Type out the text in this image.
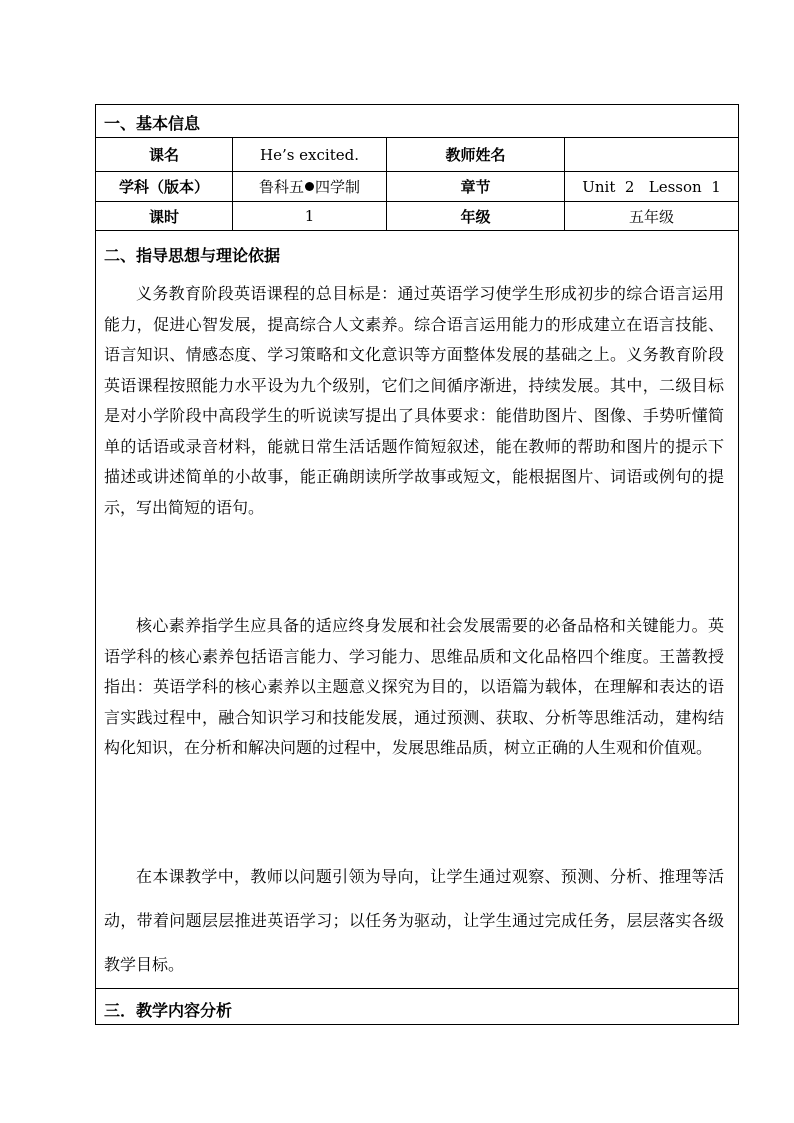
一、基本信息
课名	He’s excited.	教师姓名
学科（版本）	鲁科五 四学制	章节	Unit  2   Lesson  1
课时	1	年级	五年级
二、指导思想与理论依据

义务教育阶段英语课程的总目标是：通过英语学习使学生形成初步的综合语言运用能力，促进心智发展，提高综合人文素养。综合语言运用能力的形成建立在语言技能、语言知识、情感态度、学习策略和文化意识等方面整体发展的基础之上。义务教育阶段英语课程按照能力水平设为九个级别，它们之间循序渐进，持续发展。其中，二级目标是对小学阶段中高段学生的听说读写提出了具体要求：能借助图片、图像、手势听懂简单的话语或录音材料，能就日常生活话题作简短叙述，能在教师的帮助和图片的提示下描述或讲述简单的小故事，能正确朗读所学故事或短文，能根据图片、词语或例句的提示，写出简短的语句。

核心素养指学生应具备的适应终身发展和社会发展需要的必备品格和关键能力。英语学科的核心素养包括语言能力、学习能力、思维品质和文化品格四个维度。王蔷教授指出：英语学科的核心素养以主题意义探究为目的，以语篇为载体，在理解和表达的语言实践过程中，融合知识学习和技能发展，通过预测、获取、分析等思维活动，建构结构化知识，在分析和解决问题的过程中，发展思维品质，树立正确的人生观和价值观。

在本课教学中，教师以问题引领为导向，让学生通过观察、预测、分析、推理等活动，带着问题层层推进英语学习；以任务为驱动，让学生通过完成任务，层层落实各级教学目标。

三．教学内容分析
